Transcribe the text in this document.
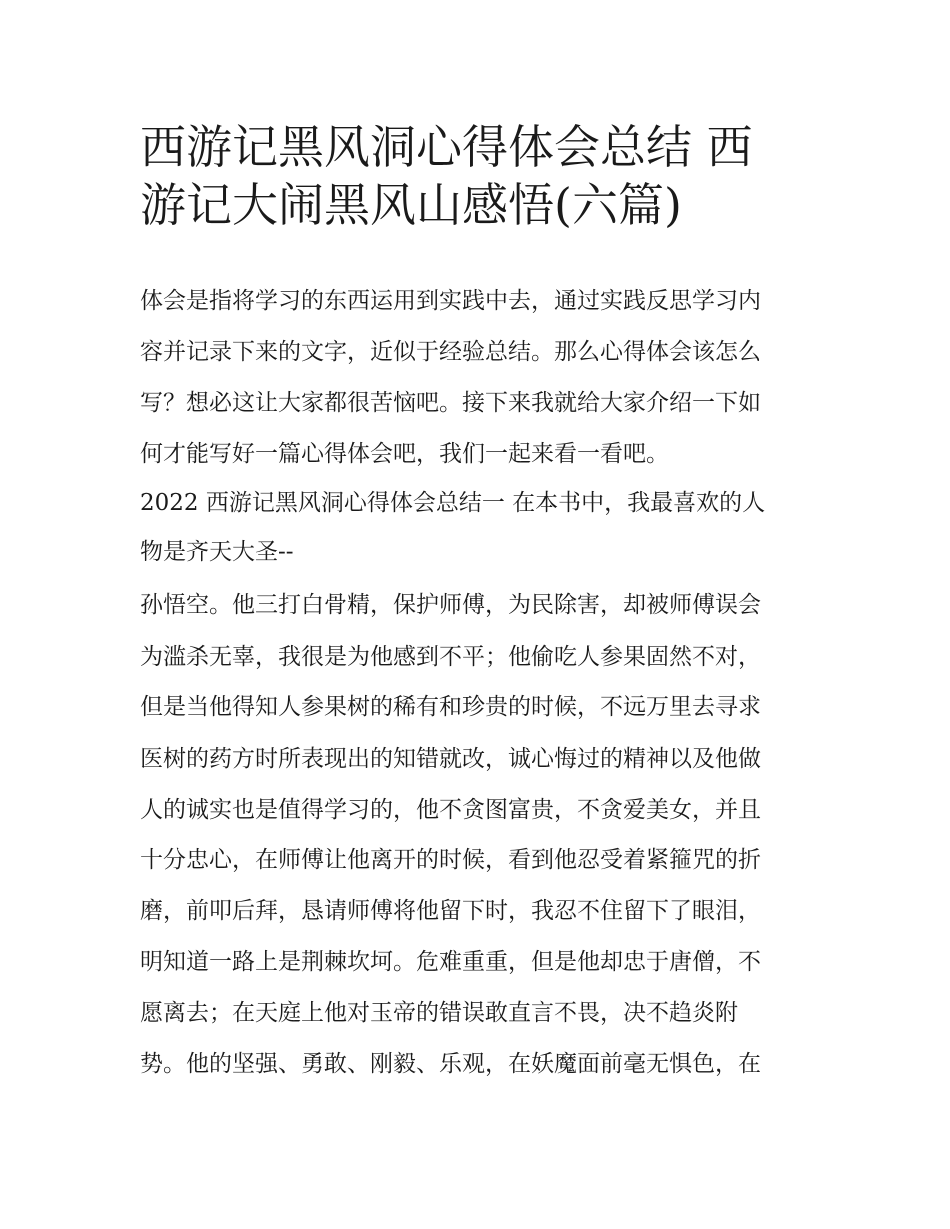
西游记黑风洞心得体会总结 西
游记大闹黑风山感悟(六篇)
体会是指将学习的东西运用到实践中去，通过实践反思学习内
容并记录下来的文字，近似于经验总结。那么心得体会该怎么
写？想必这让大家都很苦恼吧。接下来我就给大家介绍一下如
何才能写好一篇心得体会吧，我们一起来看一看吧。
2022 西游记黑风洞心得体会总结一 在本书中，我最喜欢的人
物是齐天大圣--
孙悟空。他三打白骨精，保护师傅，为民除害，却被师傅误会
为滥杀无辜，我很是为他感到不平；他偷吃人参果固然不对，
但是当他得知人参果树的稀有和珍贵的时候，不远万里去寻求
医树的药方时所表现出的知错就改，诚心悔过的精神以及他做
人的诚实也是值得学习的，他不贪图富贵，不贪爱美女，并且
十分忠心，在师傅让他离开的时候，看到他忍受着紧箍咒的折
磨，前叩后拜，恳请师傅将他留下时，我忍不住留下了眼泪，
明知道一路上是荆棘坎坷。危难重重，但是他却忠于唐僧，不
愿离去；在天庭上他对玉帝的错误敢直言不畏，决不趋炎附
势。他的坚强、勇敢、刚毅、乐观，在妖魔面前毫无惧色，在
